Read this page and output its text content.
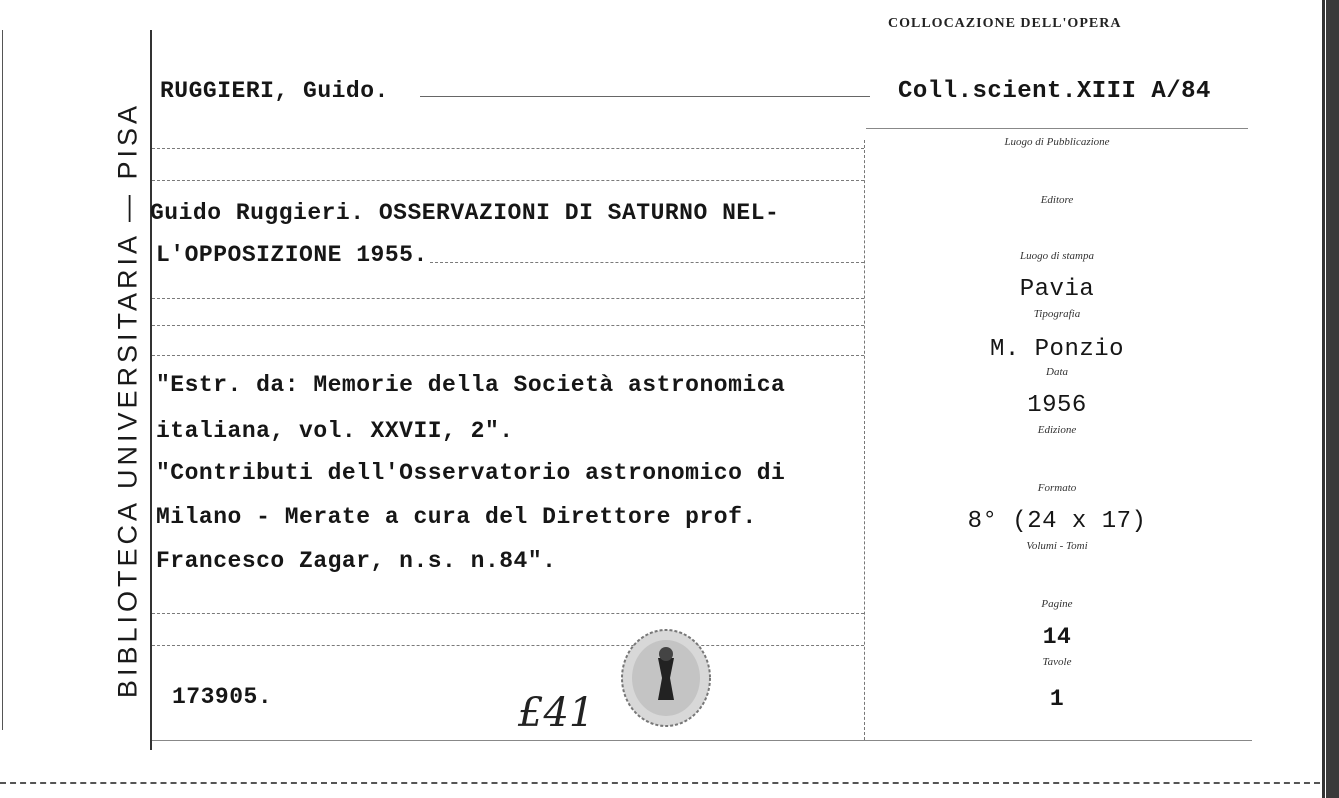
BIBLIOTECA UNIVERSITARIA — PISA
COLLOCAZIONE DELL'OPERA
RUGGIERI, Guido.	Coll.scient.XIII A/84
Guido Ruggieri. OSSERVAZIONI DI SATURNO NEL-
L'OPPOSIZIONE 1955.
"Estr. da: Memorie della Società astronomica
italiana, vol. XXVII, 2".
"Contributi dell'Osservatorio astronomico di
Milano - Merate a cura del Direttore prof.
Francesco Zagar, n.s. n.84".
173905.	£41
Luogo di Pubblicazione
Editore
Luogo di stampa
Pavia
Tipografia
M. Ponzio
Data
1956
Edizione
Formato
8° (24 x 17)
Volumi - Tomi
Pagine
14
Tavole
1
